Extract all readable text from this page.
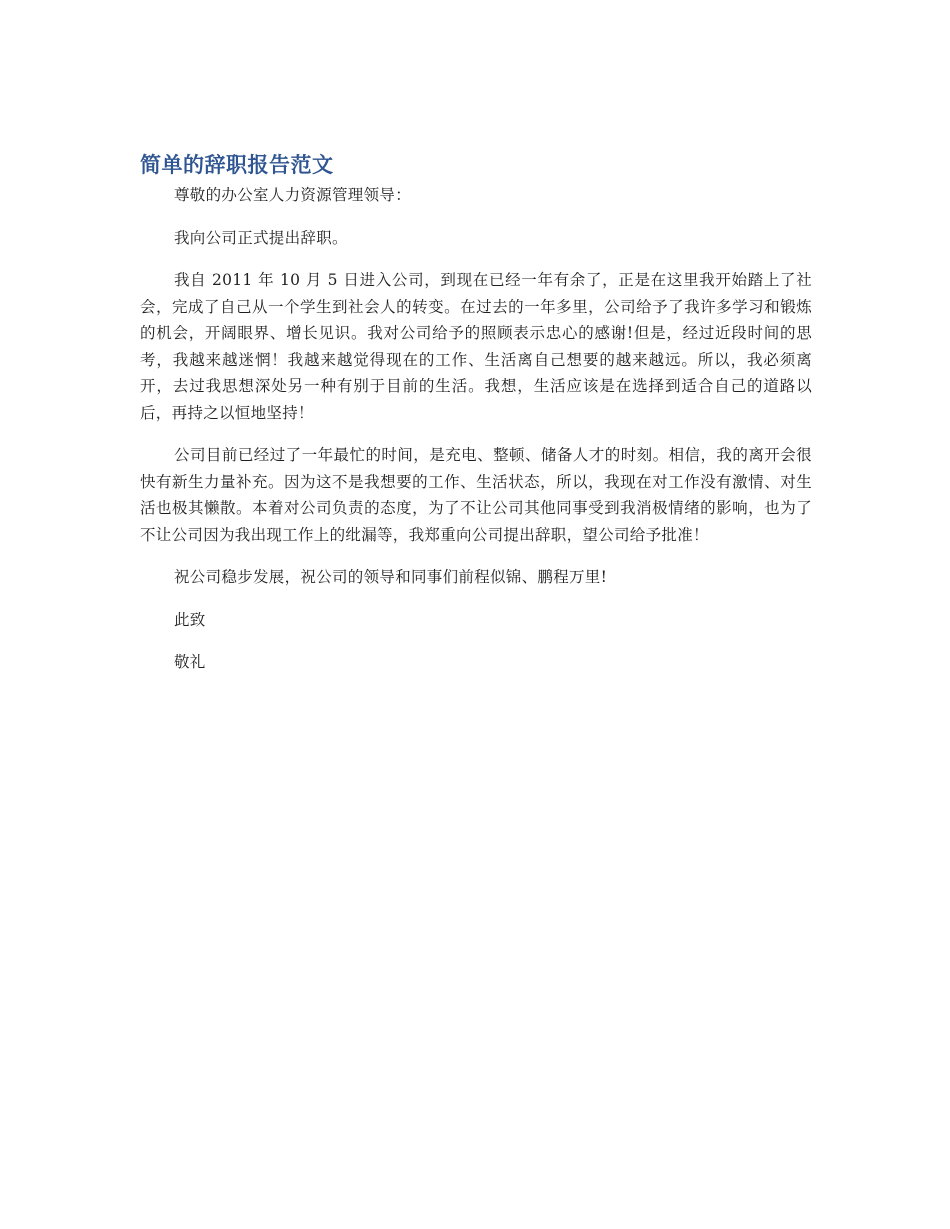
简单的辞职报告范文

尊敬的办公室人力资源管理领导：

我向公司正式提出辞职。

我自 2011 年 10 月 5 日进入公司，到现在已经一年有余了，正是在这里我开始踏上了社会，完成了自己从一个学生到社会人的转变。在过去的一年多里，公司给予了我许多学习和锻炼的机会，开阔眼界、增长见识。我对公司给予的照顾表示忠心的感谢!但是，经过近段时间的思考，我越来越迷惘！我越来越觉得现在的工作、生活离自己想要的越来越远。所以，我必须离开，去过我思想深处另一种有别于目前的生活。我想，生活应该是在选择到适合自己的道路以后，再持之以恒地坚持！

公司目前已经过了一年最忙的时间，是充电、整顿、储备人才的时刻。相信，我的离开会很快有新生力量补充。因为这不是我想要的工作、生活状态，所以，我现在对工作没有激情、对生活也极其懒散。本着对公司负责的态度，为了不让公司其他同事受到我消极情绪的影响，也为了不让公司因为我出现工作上的纰漏等，我郑重向公司提出辞职，望公司给予批准！

祝公司稳步发展，祝公司的领导和同事们前程似锦、鹏程万里!

此致

敬礼
